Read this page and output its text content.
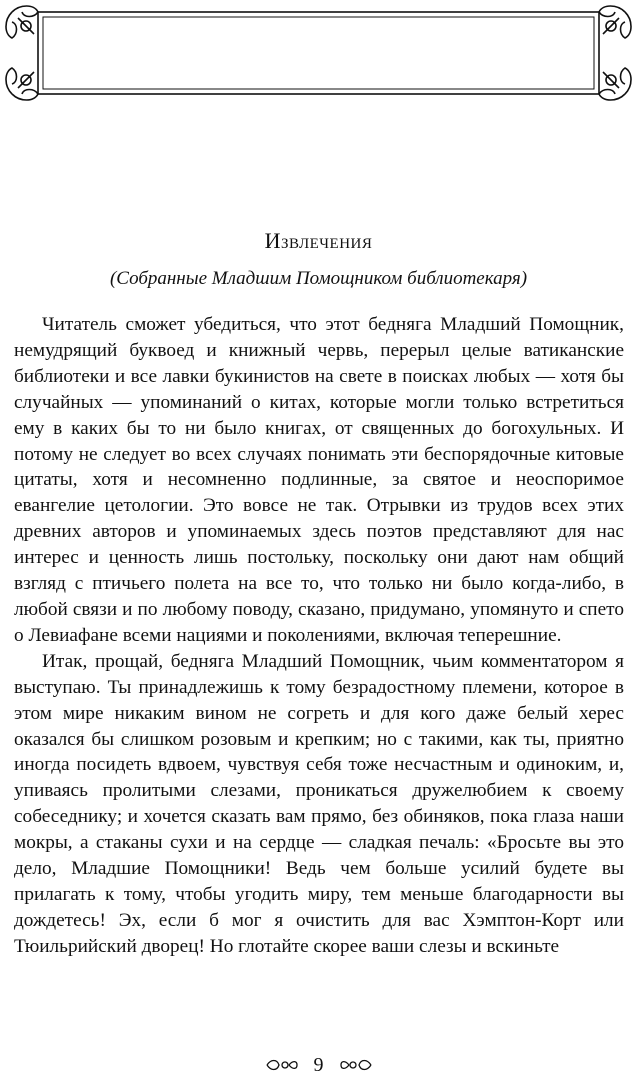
Извлечения
(Собранные Младшим Помощником библиотекаря)

Читатель сможет убедиться, что этот бедняга Младший Помощник, немудрящий буквоед и книжный червь, перерыл целые ватиканские библиотеки и все лавки букинистов на свете в поисках любых — хотя бы случайных — упоминаний о китах, которые могли только встретиться ему в каких бы то ни было книгах, от священных до богохульных. И потому не следует во всех случаях понимать эти беспорядочные китовые цитаты, хотя и несомненно подлинные, за святое и неоспоримое евангелие цетологии. Это вовсе не так. Отрывки из трудов всех этих древних авторов и упоминаемых здесь поэтов представляют для нас интерес и ценность лишь постольку, поскольку они дают нам общий взгляд с птичьего полета на все то, что только ни было когда-либо, в любой связи и по любому поводу, сказано, придумано, упомянуто и спето о Левиафане всеми нациями и поколениями, включая теперешние.

Итак, прощай, бедняга Младший Помощник, чьим комментатором я выступаю. Ты принадлежишь к тому безрадостному племени, которое в этом мире никаким вином не согреть и для кого даже белый херес оказался бы слишком розовым и крепким; но с такими, как ты, приятно иногда посидеть вдвоем, чувствуя себя тоже несчастным и одиноким, и, упиваясь пролитыми слезами, проникаться дружелюбием к своему собеседнику; и хочется сказать вам прямо, без обиняков, пока глаза наши мокры, а стаканы сухи и на сердце — сладкая печаль: «Бросьте вы это дело, Младшие Помощники! Ведь чем больше усилий будете вы прилагать к тому, чтобы угодить миру, тем меньше благодарности вы дождетесь! Эх, если б мог я очистить для вас Хэмптон-Корт или Тюильрийский дворец! Но глотайте скорее ваши слезы и вскиньте

9
